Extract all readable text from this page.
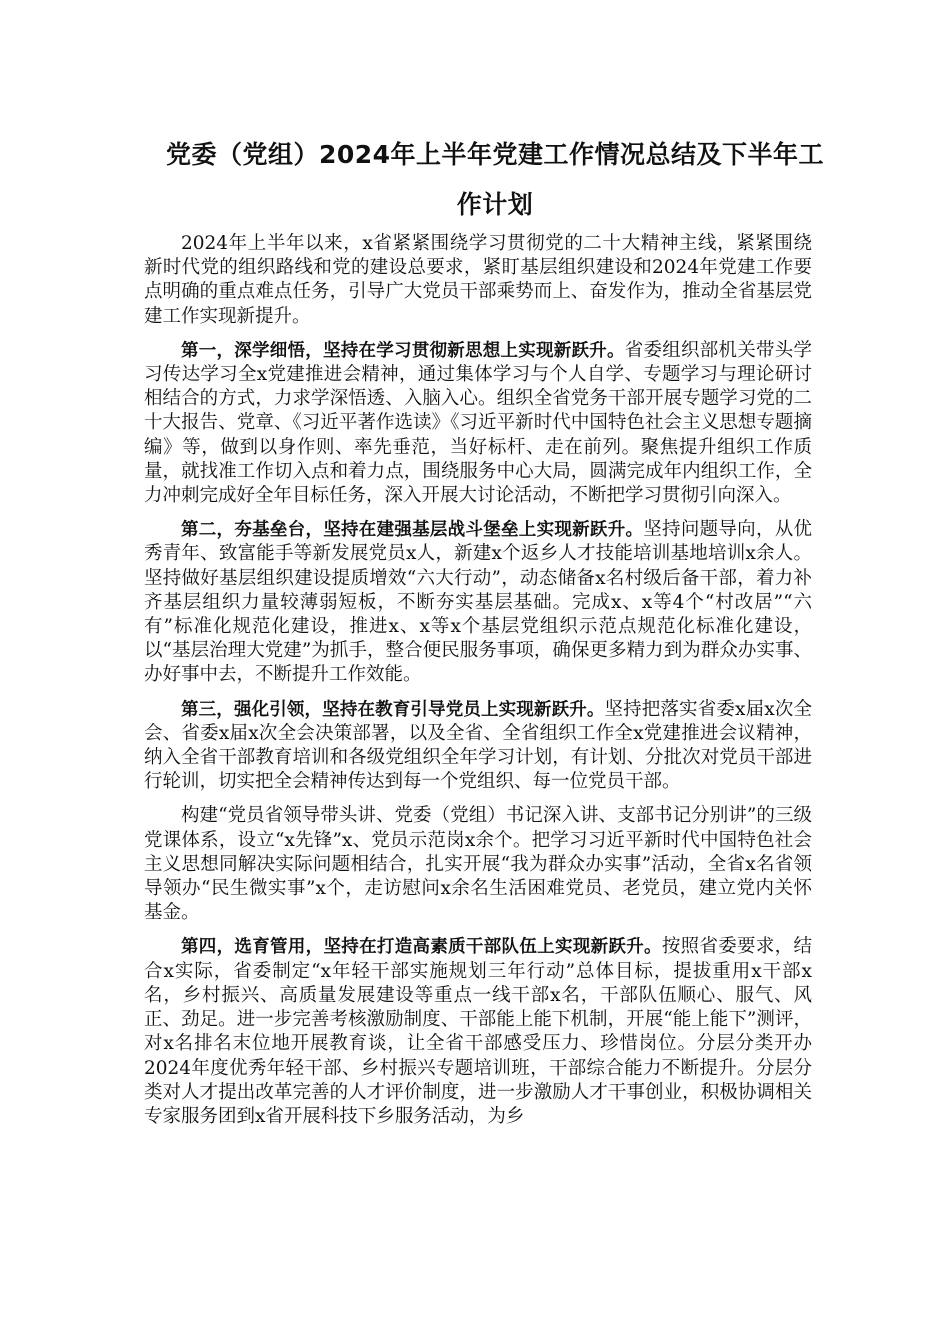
党委（党组）2024年上半年党建工作情况总结及下半年工
作计划

2024年上半年以来，x省紧紧围绕学习贯彻党的二十大精神主线，紧紧围绕新时代党的组织路线和党的建设总要求，紧盯基层组织建设和2024年党建工作要点明确的重点难点任务，引导广大党员干部乘势而上、奋发作为，推动全省基层党建工作实现新提升。

第一，深学细悟，坚持在学习贯彻新思想上实现新跃升。省委组织部机关带头学习传达学习全x党建推进会精神，通过集体学习与个人自学、专题学习与理论研讨相结合的方式，力求学深悟透、入脑入心。组织全省党务干部开展专题学习党的二十大报告、党章、《习近平著作选读》《习近平新时代中国特色社会主义思想专题摘编》等，做到以身作则、率先垂范，当好标杆、走在前列。聚焦提升组织工作质量，就找准工作切入点和着力点，围绕服务中心大局，圆满完成年内组织工作，全力冲刺完成好全年目标任务，深入开展大讨论活动，不断把学习贯彻引向深入。

第二，夯基垒台，坚持在建强基层战斗堡垒上实现新跃升。坚持问题导向，从优秀青年、致富能手等新发展党员x人，新建x个返乡人才技能培训基地培训x余人。坚持做好基层组织建设提质增效“六大行动”，动态储备x名村级后备干部，着力补齐基层组织力量较薄弱短板，不断夯实基层基础。完成x、x等4个“村改居”“六有”标准化规范化建设，推进x、x等x个基层党组织示范点规范化标准化建设，以“基层治理大党建”为抓手，整合便民服务事项，确保更多精力到为群众办实事、办好事中去，不断提升工作效能。

第三，强化引领，坚持在教育引导党员上实现新跃升。坚持把落实省委x届x次全会、省委x届x次全会决策部署，以及全省、全省组织工作全x党建推进会议精神，纳入全省干部教育培训和各级党组织全年学习计划，有计划、分批次对党员干部进行轮训，切实把全会精神传达到每一个党组织、每一位党员干部。

构建“党员省领导带头讲、党委（党组）书记深入讲、支部书记分别讲”的三级党课体系，设立“x先锋”x、党员示范岗x余个。把学习习近平新时代中国特色社会主义思想同解决实际问题相结合，扎实开展“我为群众办实事”活动，全省x名省领导领办“民生微实事”x个，走访慰问x余名生活困难党员、老党员，建立党内关怀基金。

第四，选育管用，坚持在打造高素质干部队伍上实现新跃升。按照省委要求，结合x实际，省委制定“x年轻干部实施规划三年行动”总体目标，提拔重用x干部x名，乡村振兴、高质量发展建设等重点一线干部x名，干部队伍顺心、服气、风正、劲足。进一步完善考核激励制度、干部能上能下机制，开展“能上能下”测评，对x名排名末位地开展教育谈，让全省干部感受压力、珍惜岗位。分层分类开办2024年度优秀年轻干部、乡村振兴专题培训班，干部综合能力不断提升。分层分类对人才提出改革完善的人才评价制度，进一步激励人才干事创业，积极协调相关专家服务团到x省开展科技下乡服务活动，为乡
